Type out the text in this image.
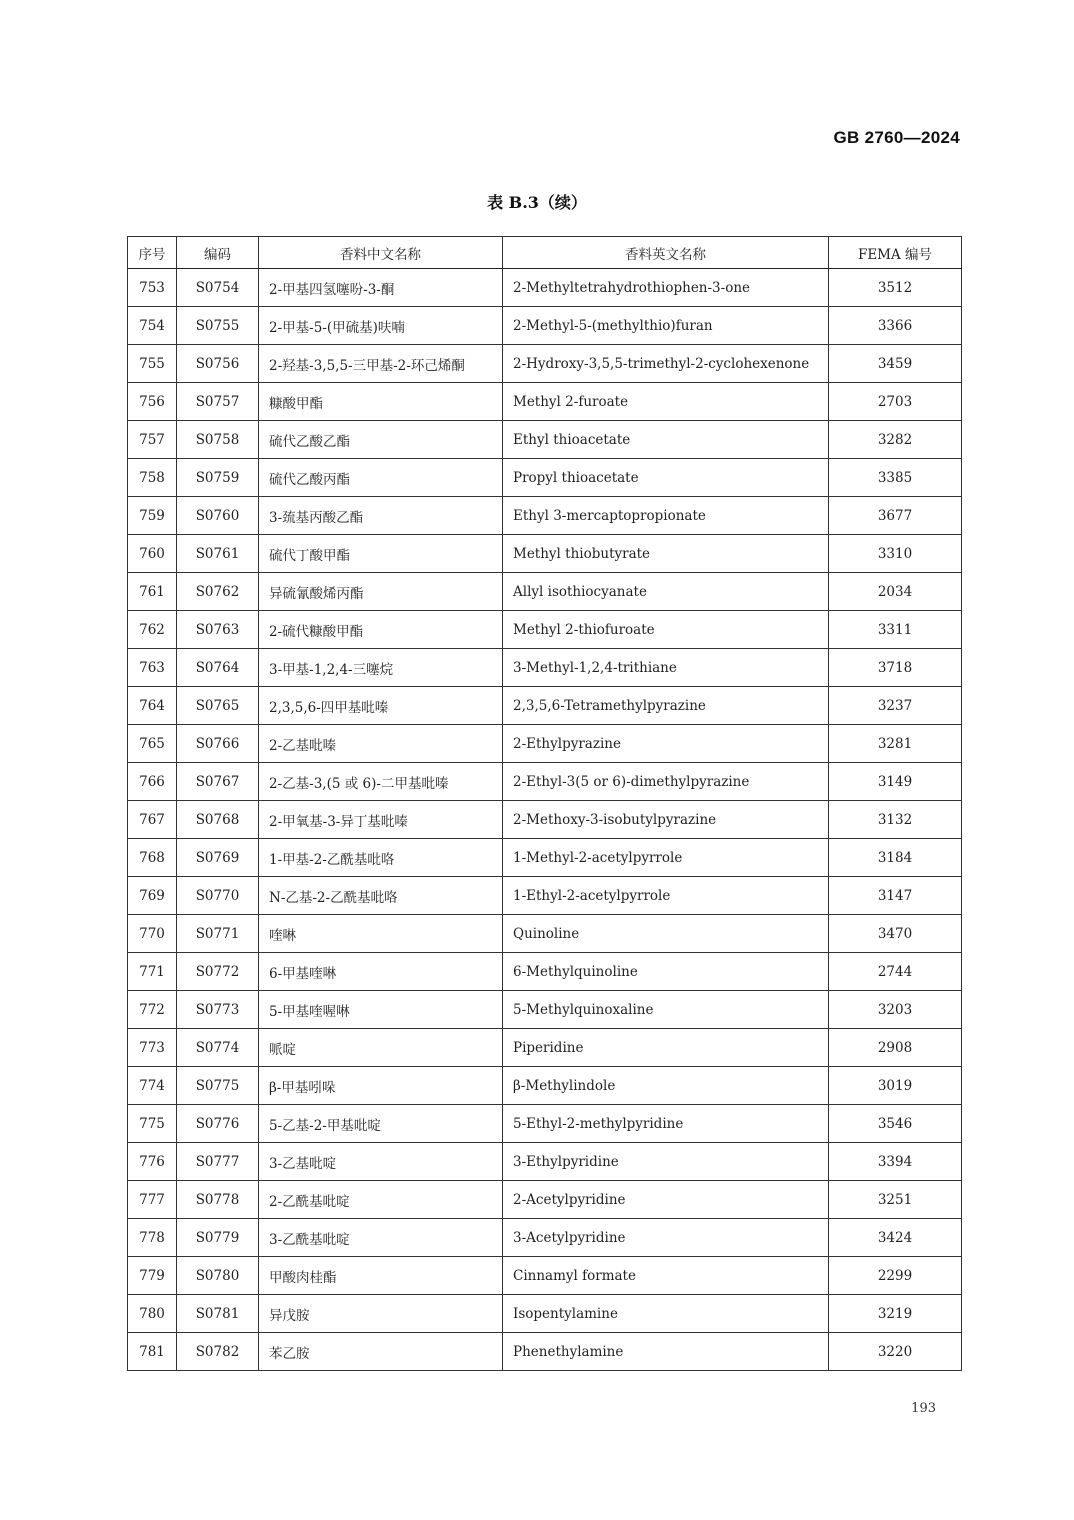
GB 2760—2024
表 B.3（续）
序号	编码	香料中文名称	香料英文名称	FEMA 编号
753	S0754	2-甲基四氢噻吩-3-酮	2-Methyltetrahydrothiophen-3-one	3512
754	S0755	2-甲基-5-(甲硫基)呋喃	2-Methyl-5-(methylthio)furan	3366
755	S0756	2-羟基-3,5,5-三甲基-2-环己烯酮	2-Hydroxy-3,5,5-trimethyl-2-cyclohexenone	3459
756	S0757	糠酸甲酯	Methyl 2-furoate	2703
757	S0758	硫代乙酸乙酯	Ethyl thioacetate	3282
758	S0759	硫代乙酸丙酯	Propyl thioacetate	3385
759	S0760	3-巯基丙酸乙酯	Ethyl 3-mercaptopropionate	3677
760	S0761	硫代丁酸甲酯	Methyl thiobutyrate	3310
761	S0762	异硫氰酸烯丙酯	Allyl isothiocyanate	2034
762	S0763	2-硫代糠酸甲酯	Methyl 2-thiofuroate	3311
763	S0764	3-甲基-1,2,4-三噻烷	3-Methyl-1,2,4-trithiane	3718
764	S0765	2,3,5,6-四甲基吡嗪	2,3,5,6-Tetramethylpyrazine	3237
765	S0766	2-乙基吡嗪	2-Ethylpyrazine	3281
766	S0767	2-乙基-3,(5 或 6)-二甲基吡嗪	2-Ethyl-3(5 or 6)-dimethylpyrazine	3149
767	S0768	2-甲氧基-3-异丁基吡嗪	2-Methoxy-3-isobutylpyrazine	3132
768	S0769	1-甲基-2-乙酰基吡咯	1-Methyl-2-acetylpyrrole	3184
769	S0770	N-乙基-2-乙酰基吡咯	1-Ethyl-2-acetylpyrrole	3147
770	S0771	喹啉	Quinoline	3470
771	S0772	6-甲基喹啉	6-Methylquinoline	2744
772	S0773	5-甲基喹喔啉	5-Methylquinoxaline	3203
773	S0774	哌啶	Piperidine	2908
774	S0775	β-甲基吲哚	β-Methylindole	3019
775	S0776	5-乙基-2-甲基吡啶	5-Ethyl-2-methylpyridine	3546
776	S0777	3-乙基吡啶	3-Ethylpyridine	3394
777	S0778	2-乙酰基吡啶	2-Acetylpyridine	3251
778	S0779	3-乙酰基吡啶	3-Acetylpyridine	3424
779	S0780	甲酸肉桂酯	Cinnamyl formate	2299
780	S0781	异戊胺	Isopentylamine	3219
781	S0782	苯乙胺	Phenethylamine	3220
193
